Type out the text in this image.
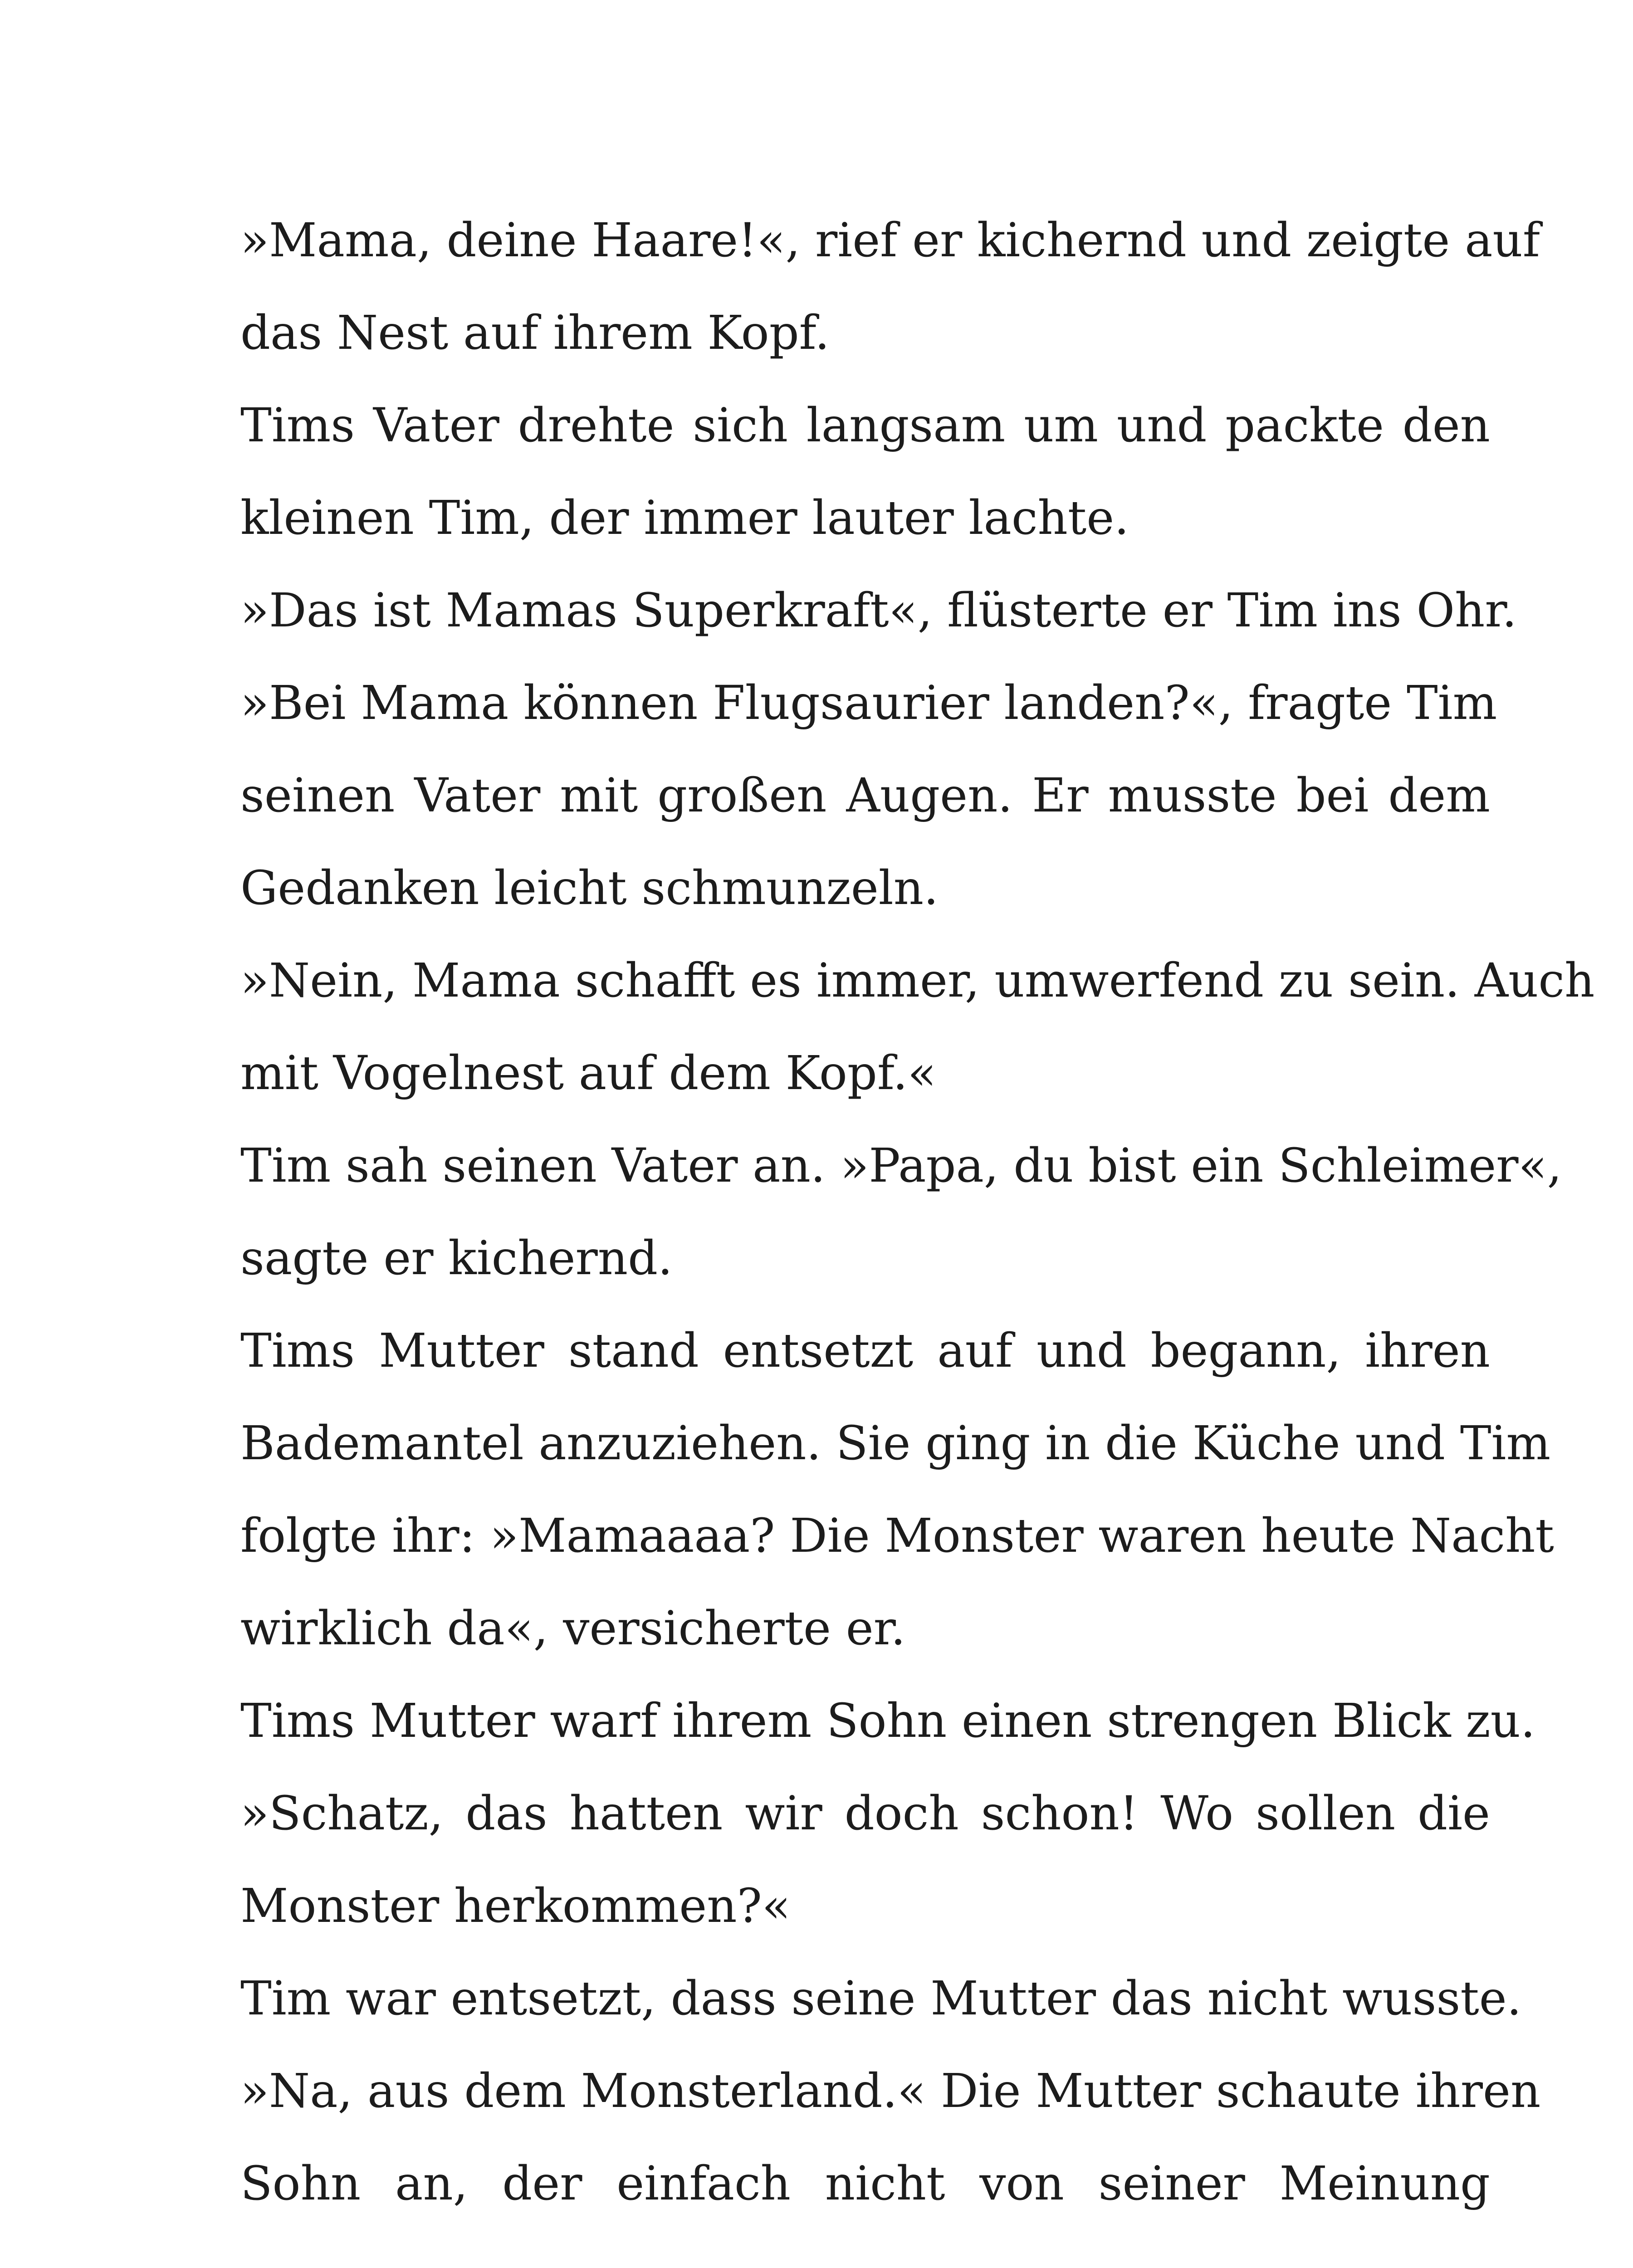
»Mama, deine Haare!«, rief er kichernd und zeigte auf
das Nest auf ihrem Kopf.
Tims Vater drehte sich langsam um und packte den
kleinen Tim, der immer lauter lachte.
»Das ist Mamas Superkraft«, flüsterte er Tim ins Ohr.
»Bei Mama können Flugsaurier landen?«, fragte Tim
seinen Vater mit großen Augen. Er musste bei dem
Gedanken leicht schmunzeln.
»Nein, Mama schafft es immer, umwerfend zu sein. Auch
mit Vogelnest auf dem Kopf.«
Tim sah seinen Vater an. »Papa, du bist ein Schleimer«,
sagte er kichernd.
Tims Mutter stand entsetzt auf und begann, ihren
Bademantel anzuziehen. Sie ging in die Küche und Tim
folgte ihr: »Mamaaaa? Die Monster waren heute Nacht
wirklich da«, versicherte er.
Tims Mutter warf ihrem Sohn einen strengen Blick zu.
»Schatz, das hatten wir doch schon! Wo sollen die
Monster herkommen?«
Tim war entsetzt, dass seine Mutter das nicht wusste.
»Na, aus dem Monsterland.« Die Mutter schaute ihren
Sohn an, der einfach nicht von seiner Meinung
